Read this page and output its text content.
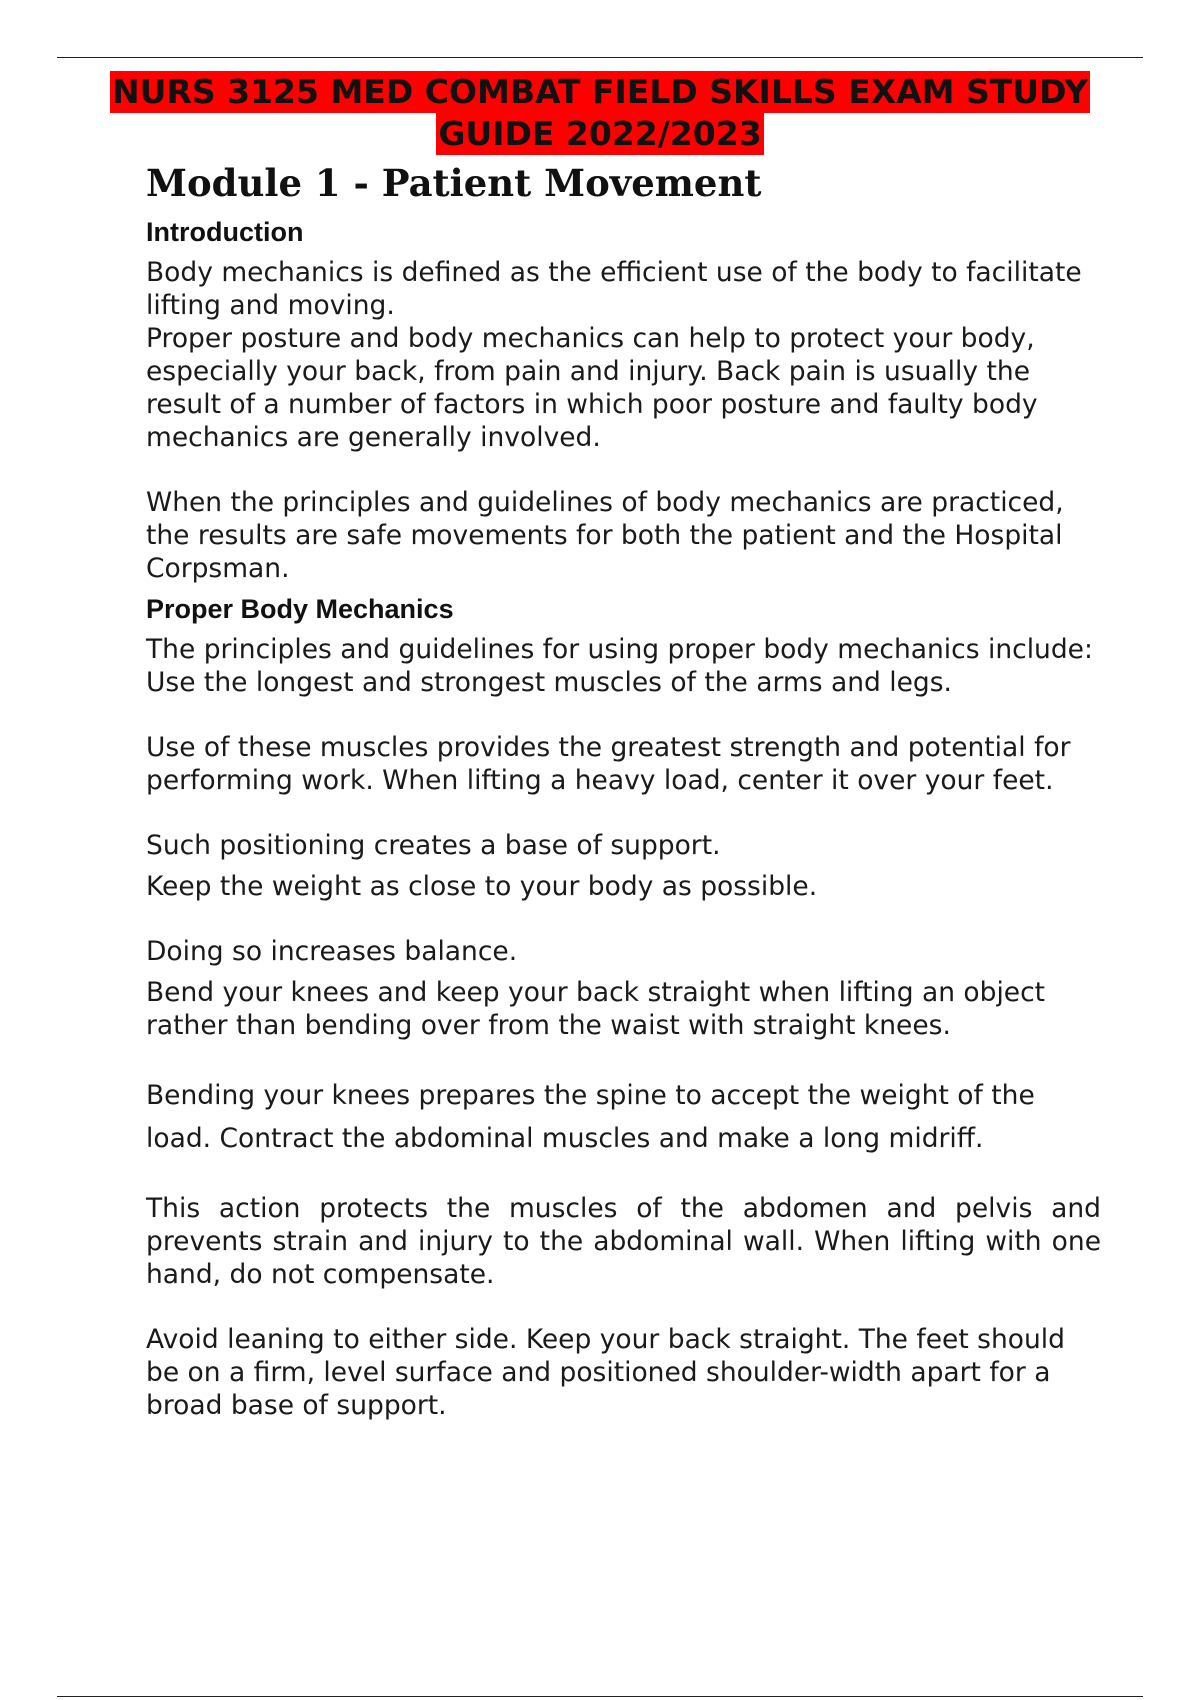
NURS 3125 MED COMBAT FIELD SKILLS EXAM STUDY
GUIDE 2022/2023
Module 1 - Patient Movement
Introduction

Body mechanics is defined as the efficient use of the body to facilitate lifting and moving.

Proper posture and body mechanics can help to protect your body, especially your back, from pain and injury. Back pain is usually the result of a number of factors in which poor posture and faulty body mechanics are generally involved.

When the principles and guidelines of body mechanics are practiced, the results are safe movements for both the patient and the Hospital Corpsman.

Proper Body Mechanics

The principles and guidelines for using proper body mechanics include: Use the longest and strongest muscles of the arms and legs.

Use of these muscles provides the greatest strength and potential for performing work. When lifting a heavy load, center it over your feet.

Such positioning creates a base of support.

Keep the weight as close to your body as possible.

Doing so increases balance.

Bend your knees and keep your back straight when lifting an object rather than bending over from the waist with straight knees.

Bending your knees prepares the spine to accept the weight of the load. Contract the abdominal muscles and make a long midriff.

This action protects the muscles of the abdomen and pelvis and prevents strain and injury to the abdominal wall. When lifting with one hand, do not compensate.

Avoid leaning to either side. Keep your back straight. The feet should be on a firm, level surface and positioned shoulder-width apart for a broad base of support.
